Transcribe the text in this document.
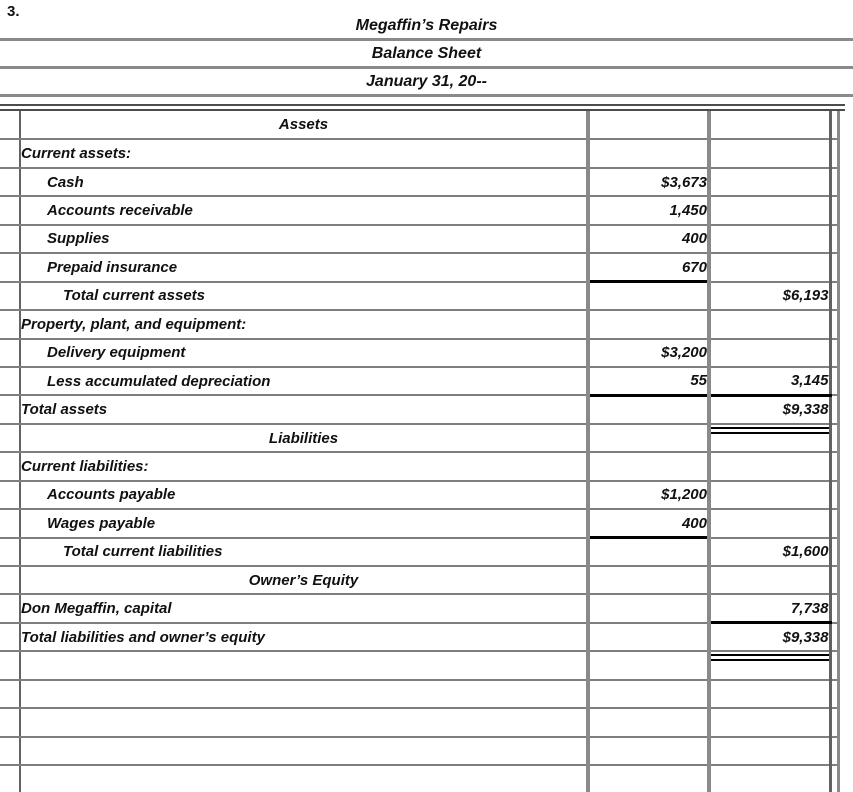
3.
Megaffin’s Repairs
Balance Sheet
January 31, 20--
	Assets				
	Current assets:				
	Cash	$3,673			
	Accounts receivable	1,450			
	Supplies	400			
	Prepaid insurance	670			
	Total current assets		$6,193		
	Property, plant, and equipment:				
	Delivery equipment	$3,200			
	Less accumulated depreciation	55	3,145		
	Total assets		$9,338		
	Liabilities		

	Current liabilities:				
	Accounts payable	$1,200			
	Wages payable	400			
	Total current liabilities		$1,600		
	Owner’s Equity				
	Don Megaffin, capital		7,738		
	Total liabilities and owner’s equity		$9,338		
